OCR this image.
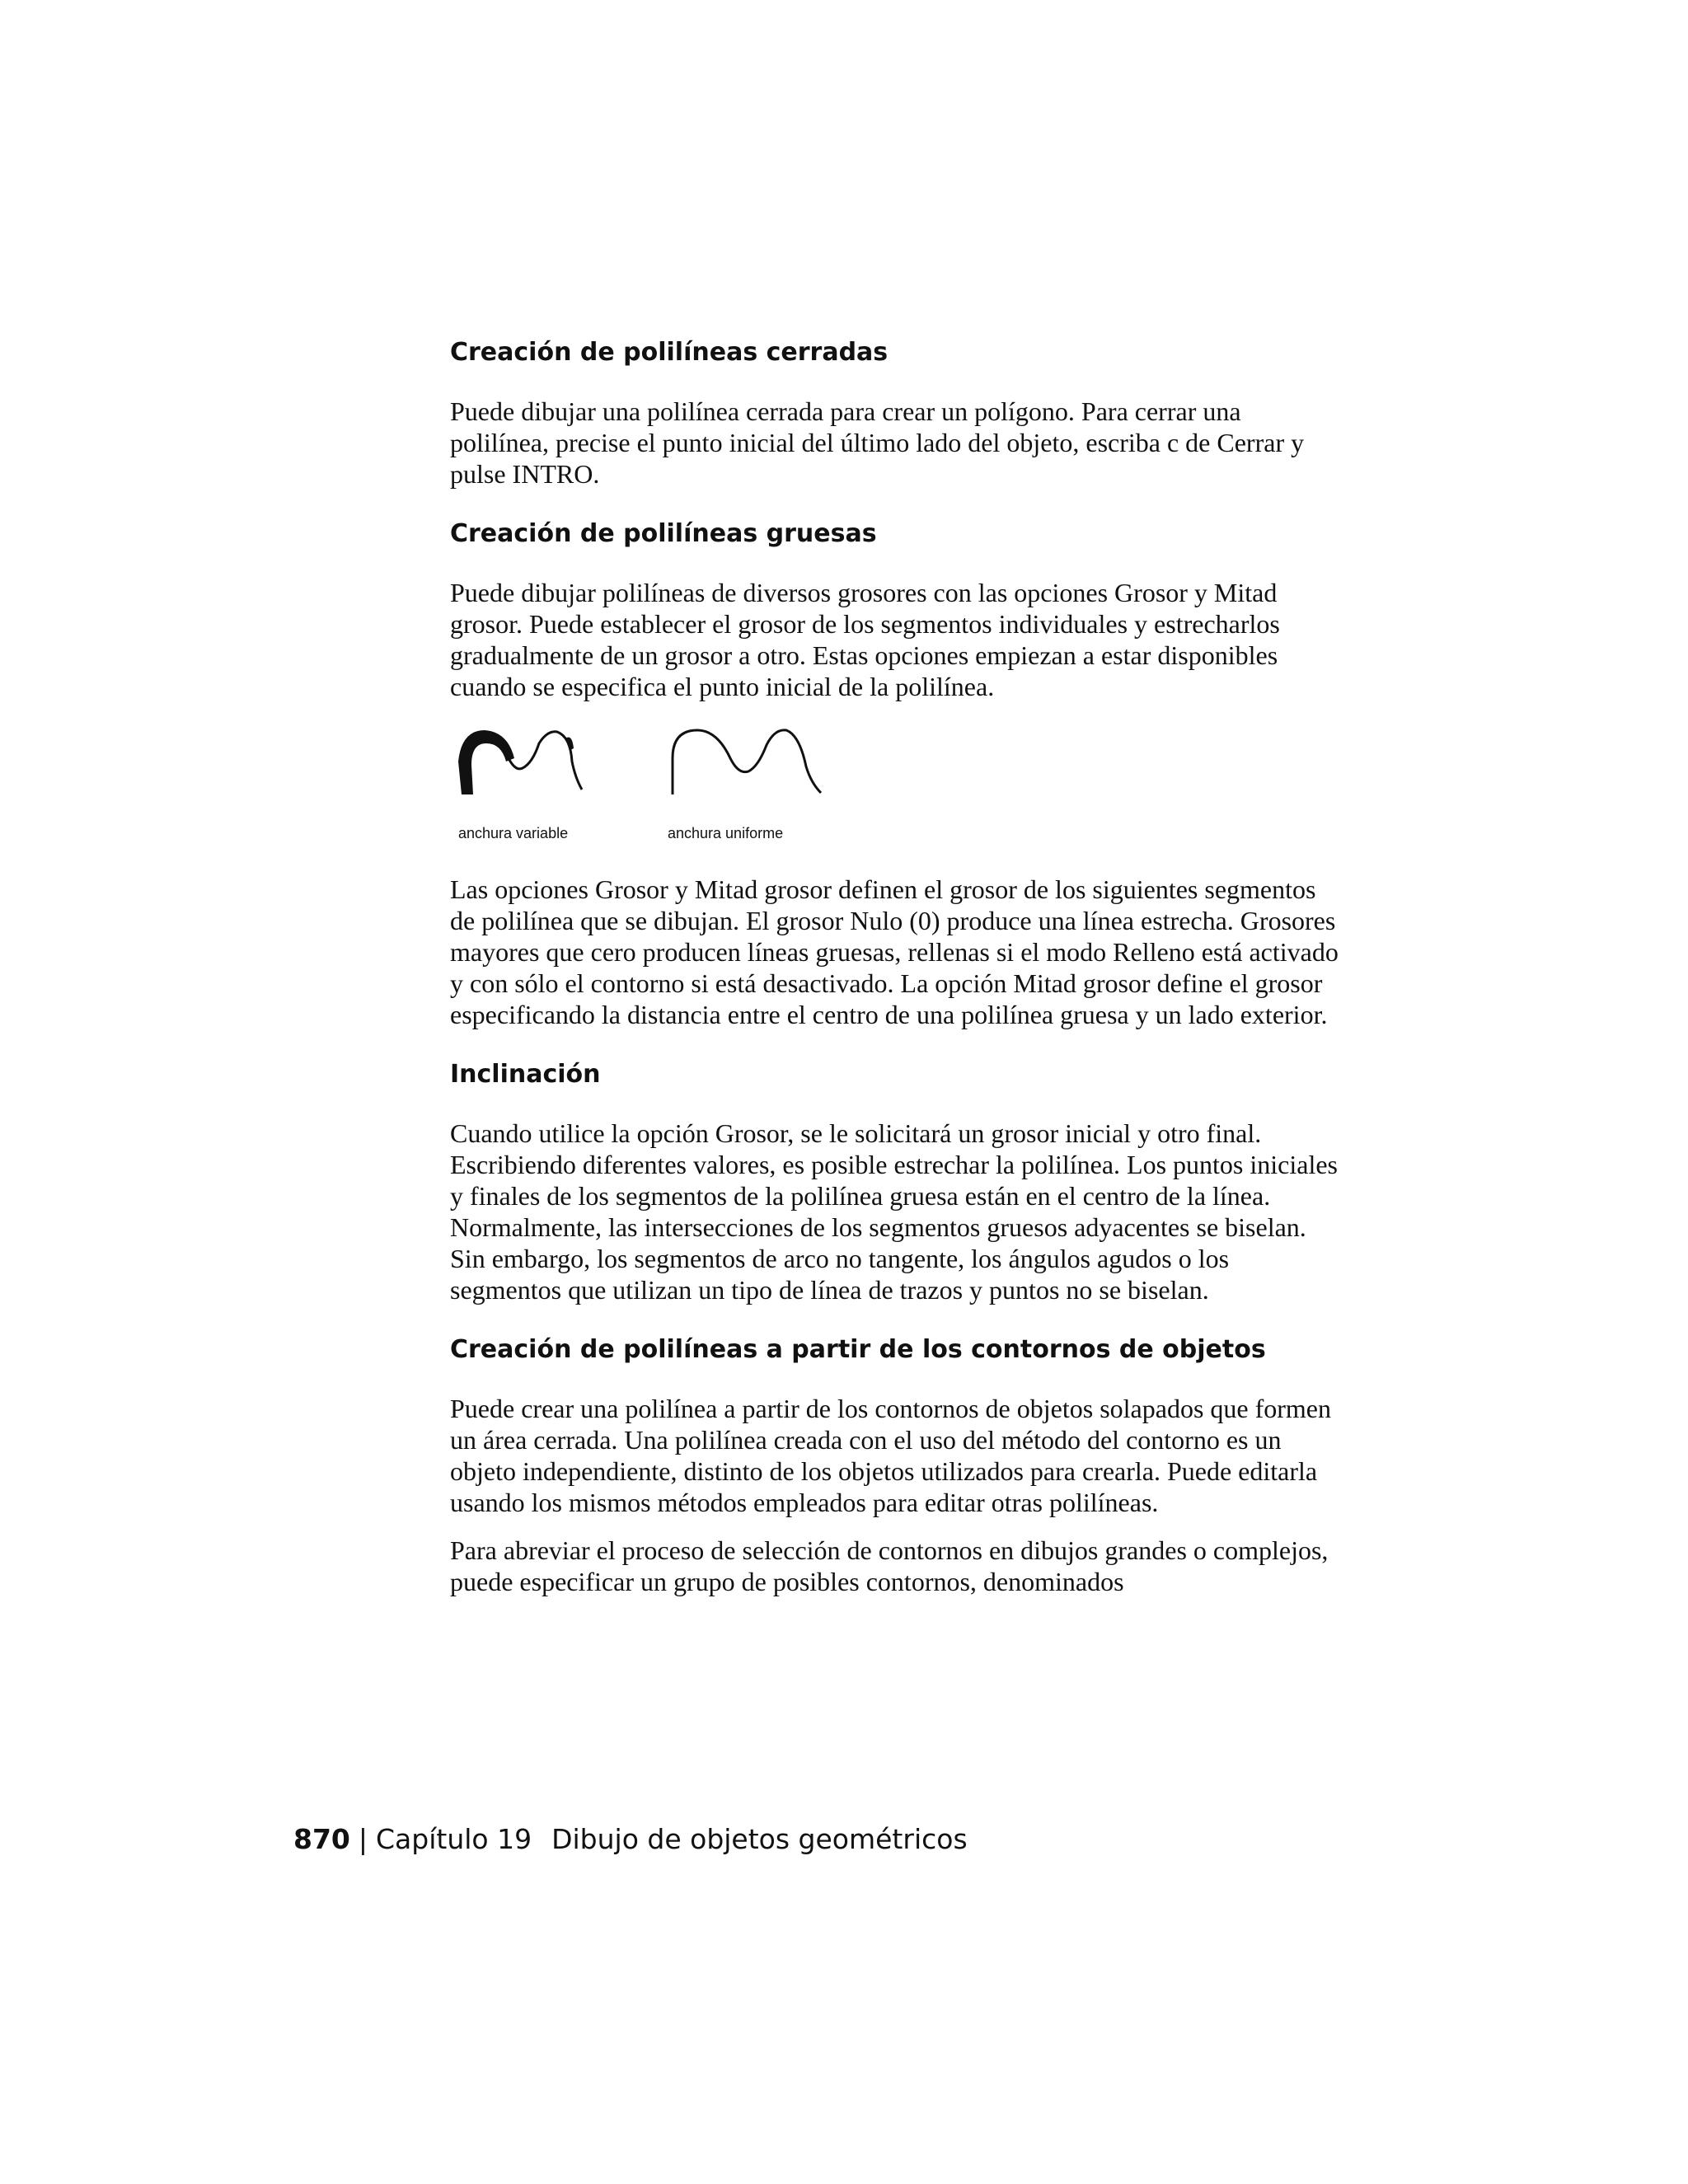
Creación de polilíneas cerradas

Puede dibujar una polilínea cerrada para crear un polígono. Para cerrar una polilínea, precise el punto inicial del último lado del objeto, escriba c de Cerrar y pulse INTRO.

Creación de polilíneas gruesas

Puede dibujar polilíneas de diversos grosores con las opciones Grosor y Mitad grosor. Puede establecer el grosor de los segmentos individuales y estrecharlos gradualmente de un grosor a otro. Estas opciones empiezan a estar disponibles cuando se especifica el punto inicial de la polilínea.

anchura variable	anchura uniforme

Las opciones Grosor y Mitad grosor definen el grosor de los siguientes segmentos de polilínea que se dibujan. El grosor Nulo (0) produce una línea estrecha. Grosores mayores que cero producen líneas gruesas, rellenas si el modo Relleno está activado y con sólo el contorno si está desactivado. La opción Mitad grosor define el grosor especificando la distancia entre el centro de una polilínea gruesa y un lado exterior.

Inclinación

Cuando utilice la opción Grosor, se le solicitará un grosor inicial y otro final. Escribiendo diferentes valores, es posible estrechar la polilínea. Los puntos iniciales y finales de los segmentos de la polilínea gruesa están en el centro de la línea. Normalmente, las intersecciones de los segmentos gruesos adyacentes se biselan. Sin embargo, los segmentos de arco no tangente, los ángulos agudos o los segmentos que utilizan un tipo de línea de trazos y puntos no se biselan.

Creación de polilíneas a partir de los contornos de objetos

Puede crear una polilínea a partir de los contornos de objetos solapados que formen un área cerrada. Una polilínea creada con el uso del método del contorno es un objeto independiente, distinto de los objetos utilizados para crearla. Puede editarla usando los mismos métodos empleados para editar otras polilíneas.

Para abreviar el proceso de selección de contornos en dibujos grandes o complejos, puede especificar un grupo de posibles contornos, denominados

870 | Capítulo 19 Dibujo de objetos geométricos
